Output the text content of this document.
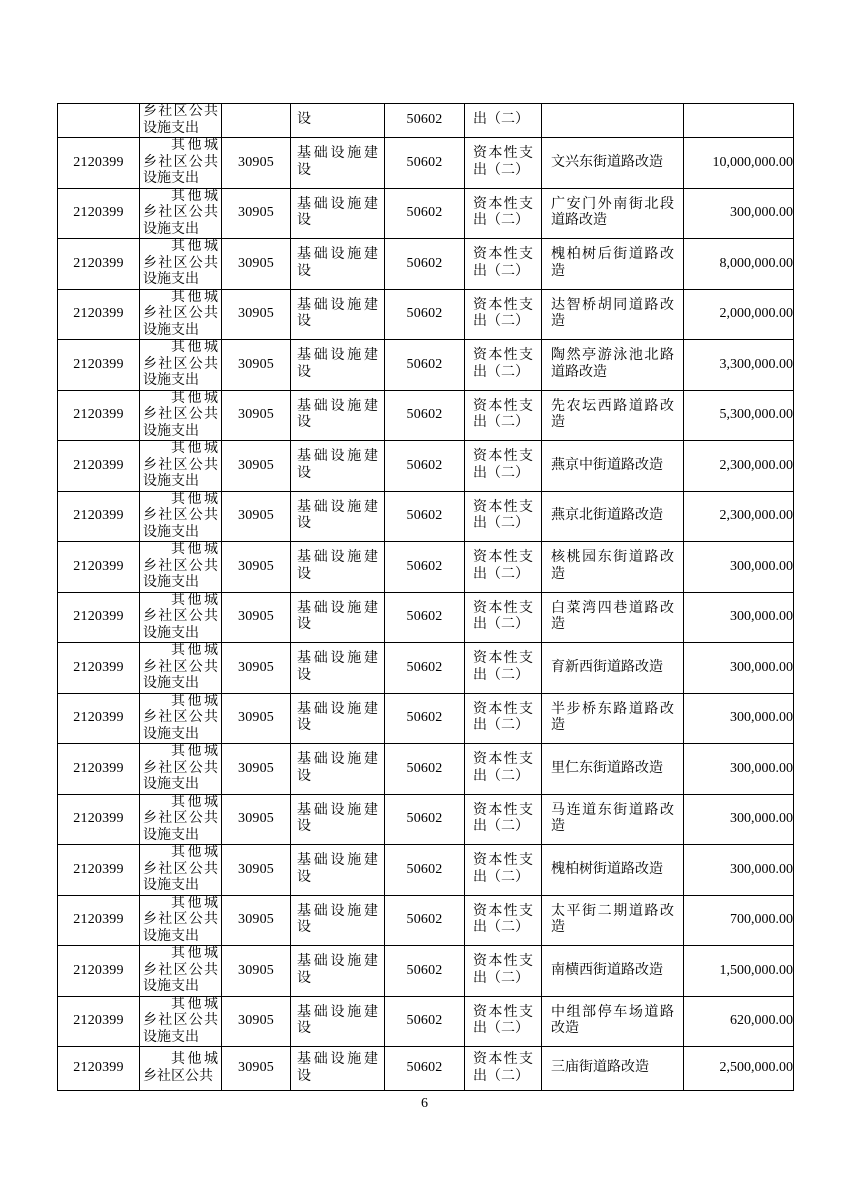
	乡社区公共设施支出		设	50602	出（二）		

2120399	其他城乡社区公共设施支出	30905	基础设施建设	50602	资本性支出（二）	文兴东街道路改造	10,000,000.00
2120399	其他城乡社区公共设施支出	30905	基础设施建设	50602	资本性支出（二）	广安门外南街北段道路改造	300,000.00
2120399	其他城乡社区公共设施支出	30905	基础设施建设	50602	资本性支出（二）	槐柏树后街道路改造	8,000,000.00
2120399	其他城乡社区公共设施支出	30905	基础设施建设	50602	资本性支出（二）	达智桥胡同道路改造	2,000,000.00
2120399	其他城乡社区公共设施支出	30905	基础设施建设	50602	资本性支出（二）	陶然亭游泳池北路道路改造	3,300,000.00
2120399	其他城乡社区公共设施支出	30905	基础设施建设	50602	资本性支出（二）	先农坛西路道路改造	5,300,000.00
2120399	其他城乡社区公共设施支出	30905	基础设施建设	50602	资本性支出（二）	燕京中街道路改造	2,300,000.00
2120399	其他城乡社区公共设施支出	30905	基础设施建设	50602	资本性支出（二）	燕京北街道路改造	2,300,000.00
2120399	其他城乡社区公共设施支出	30905	基础设施建设	50602	资本性支出（二）	核桃园东街道路改造	300,000.00
2120399	其他城乡社区公共设施支出	30905	基础设施建设	50602	资本性支出（二）	白菜湾四巷道路改造	300,000.00
2120399	其他城乡社区公共设施支出	30905	基础设施建设	50602	资本性支出（二）	育新西街道路改造	300,000.00
2120399	其他城乡社区公共设施支出	30905	基础设施建设	50602	资本性支出（二）	半步桥东路道路改造	300,000.00
2120399	其他城乡社区公共设施支出	30905	基础设施建设	50602	资本性支出（二）	里仁东街道路改造	300,000.00
2120399	其他城乡社区公共设施支出	30905	基础设施建设	50602	资本性支出（二）	马连道东街道路改造	300,000.00
2120399	其他城乡社区公共设施支出	30905	基础设施建设	50602	资本性支出（二）	槐柏树街道路改造	300,000.00
2120399	其他城乡社区公共设施支出	30905	基础设施建设	50602	资本性支出（二）	太平街二期道路改造	700,000.00
2120399	其他城乡社区公共设施支出	30905	基础设施建设	50602	资本性支出（二）	南横西街道路改造	1,500,000.00
2120399	其他城乡社区公共设施支出	30905	基础设施建设	50602	资本性支出（二）	中组部停车场道路改造	620,000.00
2120399	其他城乡社区公共	30905	基础设施建设	50602	资本性支出（二）	三庙街道路改造	2,500,000.00
6
